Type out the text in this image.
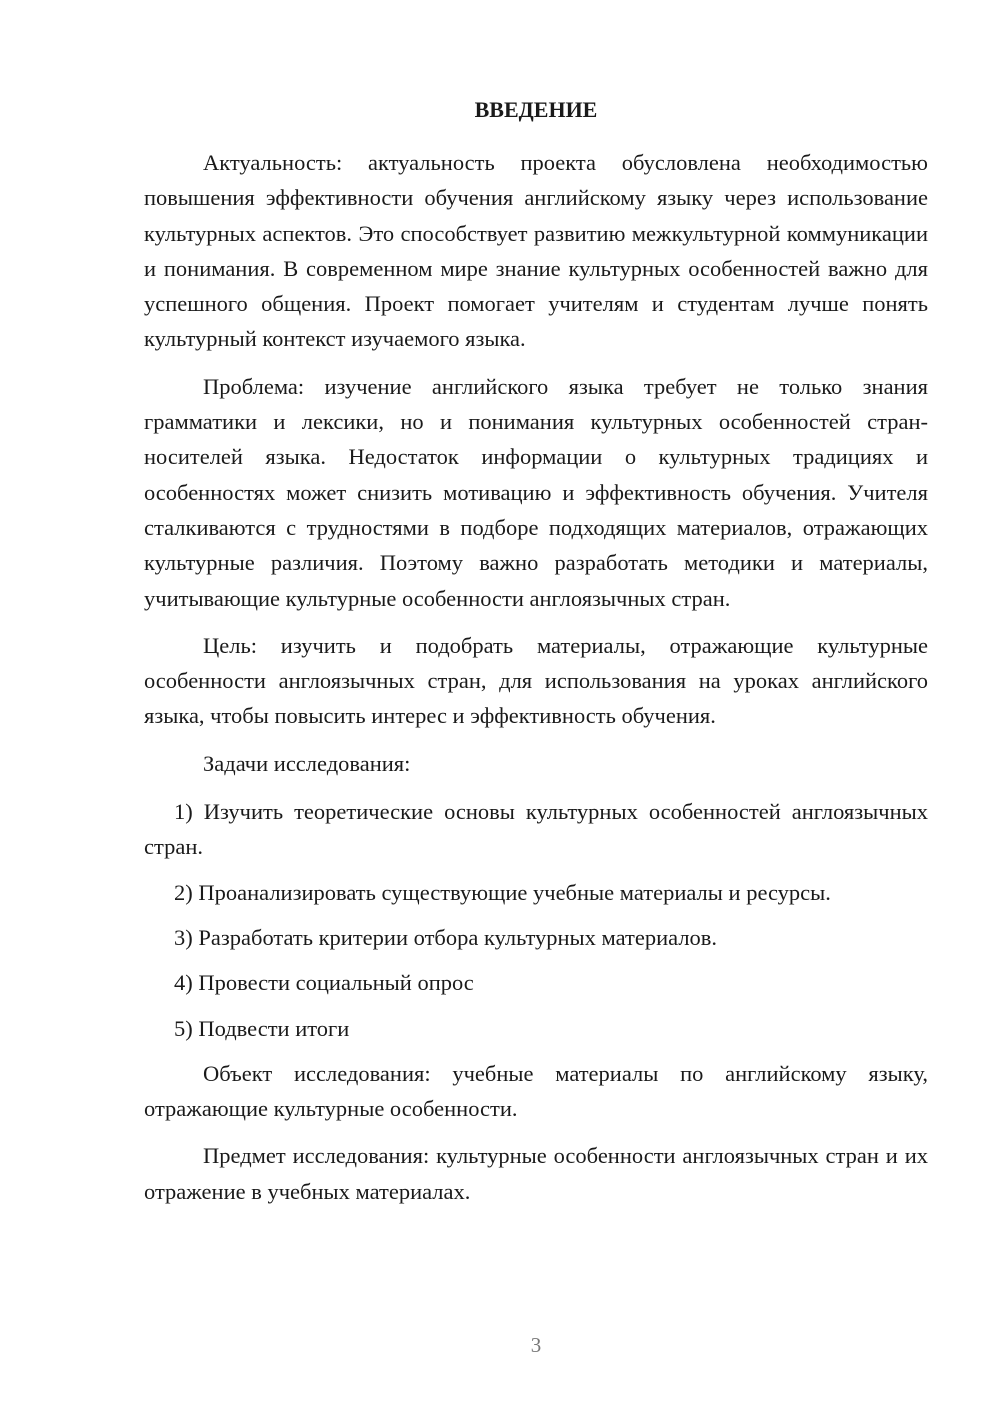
ВВЕДЕНИЕ

Актуальность: актуальность проекта обусловлена необходимостью повышения эффективности обучения английскому языку через использование культурных аспектов. Это способствует развитию межкультурной коммуникации и понимания. В современном мире знание культурных особенностей важно для успешного общения. Проект помогает учителям и студентам лучше понять культурный контекст изучаемого языка.

Проблема: изучение английского языка требует не только знания грамматики и лексики, но и понимания культурных особенностей стран-носителей языка. Недостаток информации о культурных традициях и особенностях может снизить мотивацию и эффективность обучения. Учителя сталкиваются с трудностями в подборе подходящих материалов, отражающих культурные различия. Поэтому важно разработать методики и материалы, учитывающие культурные особенности англоязычных стран.

Цель: изучить и подобрать материалы, отражающие культурные особенности англоязычных стран, для использования на уроках английского языка, чтобы повысить интерес и эффективность обучения.

Задачи исследования:

1) Изучить теоретические основы культурных особенностей англоязычных стран.

2) Проанализировать существующие учебные материалы и ресурсы.

3) Разработать критерии отбора культурных материалов.

4) Провести социальный опрос

5) Подвести итоги

Объект исследования: учебные материалы по английскому языку, отражающие культурные особенности.

Предмет исследования: культурные особенности англоязычных стран и их отражение в учебных материалах.

3
